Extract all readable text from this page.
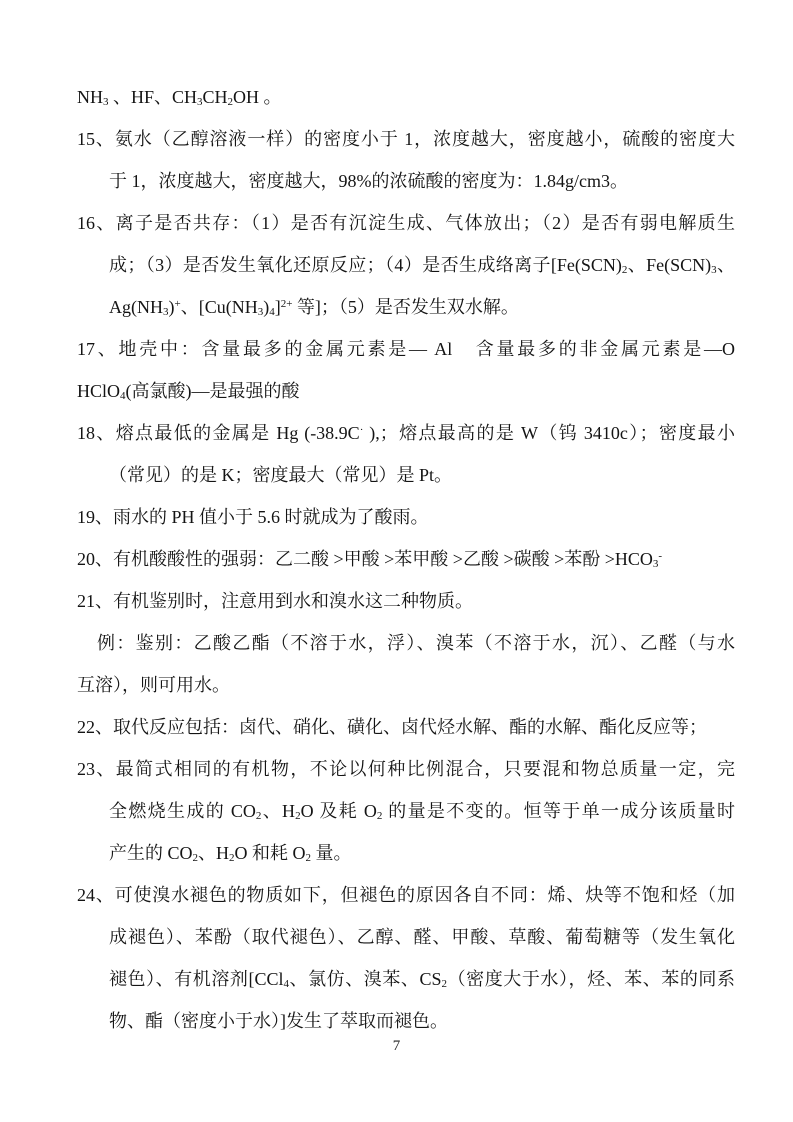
$NH_3$ 、HF、$CH_3CH_2OH$ 。
15、氨水（乙醇溶液一样）的密度小于 1，浓度越大，密度越小，硫酸的密度大
于 1，浓度越大，密度越大，98%的浓硫酸的密度为：1.84g/cm3。
16、离子是否共存：（1）是否有沉淀生成、气体放出；（2）是否有弱电解质生
成；（3）是否发生氧化还原反应；（4）是否生成络离子[$Fe(SCN)_2$、$Fe(SCN)_3$、
$Ag(NH_3)^+$、$[Cu(NH_3)_4]^{2+}$ 等]；（5）是否发生双水解。
17、地壳中：含量最多的金属元素是— Al　含量最多的非金属元素是—O
HClO$_4$(高氯酸)—是最强的酸
18、熔点最低的金属是 Hg (-38.9C· ),；熔点最高的是 W（钨 3410c）；密度最小
（常见）的是 K；密度最大（常见）是 Pt。
19、雨水的 PH 值小于 5.6 时就成为了酸雨。
20、有机酸酸性的强弱：乙二酸 >甲酸 >苯甲酸 >乙酸 >碳酸 >苯酚 $>HCO_3^-$
21、有机鉴别时，注意用到水和溴水这二种物质。
例：鉴别：乙酸乙酯（不溶于水，浮）、溴苯（不溶于水，沉）、乙醛（与水
互溶），则可用水。
22、取代反应包括：卤代、硝化、磺化、卤代烃水解、酯的水解、酯化反应等；
23、最简式相同的有机物，不论以何种比例混合，只要混和物总质量一定，完
全燃烧生成的 $CO_2$、$H_2O$ 及耗 $O_2$ 的量是不变的。恒等于单一成分该质量时
产生的 $CO_2$、$H_2O$ 和耗 $O_2$ 量。
24、可使溴水褪色的物质如下，但褪色的原因各自不同：烯、炔等不饱和烃（加
成褪色）、苯酚（取代褪色）、乙醇、醛、甲酸、草酸、葡萄糖等（发生氧化
褪色）、有机溶剂[CCl$_4$、氯仿、溴苯、$CS_2$（密度大于水），烃、苯、苯的同系
物、酯（密度小于水）]发生了萃取而褪色。
7
